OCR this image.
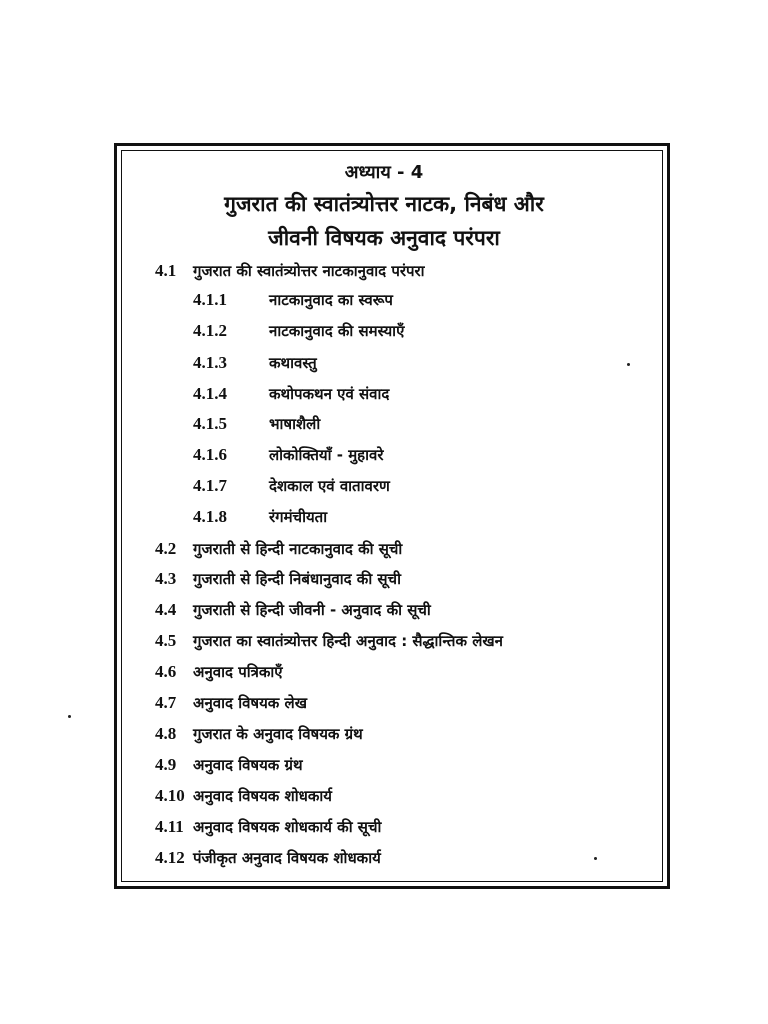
अध्याय - 4
गुजरात की स्वातंत्र्योत्तर नाटक, निबंध और
जीवनी विषयक अनुवाद परंपरा
4.1 गुजरात की स्वातंत्र्योत्तर नाटकानुवाद परंपरा
4.1.1	नाटकानुवाद का स्वरूप
4.1.2	नाटकानुवाद की समस्याएँ
4.1.3	कथावस्तु
4.1.4	कथोपकथन एवं संवाद
4.1.5	भाषाशैली
4.1.6	लोकोक्तियाँ - मुहावरे
4.1.7	देशकाल एवं वातावरण
4.1.8	रंगमंचीयता
4.2 गुजराती से हिन्दी नाटकानुवाद की सूची
4.3 गुजराती से हिन्दी निबंधानुवाद की सूची
4.4 गुजराती से हिन्दी जीवनी - अनुवाद की सूची
4.5 गुजरात का स्वातंत्र्योत्तर हिन्दी अनुवाद : सैद्धान्तिक लेखन
4.6 अनुवाद पत्रिकाएँ
4.7 अनुवाद विषयक लेख
4.8 गुजरात के अनुवाद विषयक ग्रंथ
4.9 अनुवाद विषयक ग्रंथ
4.10 अनुवाद विषयक शोधकार्य
4.11 अनुवाद विषयक शोधकार्य की सूची
4.12 पंजीकृत अनुवाद विषयक शोधकार्य
